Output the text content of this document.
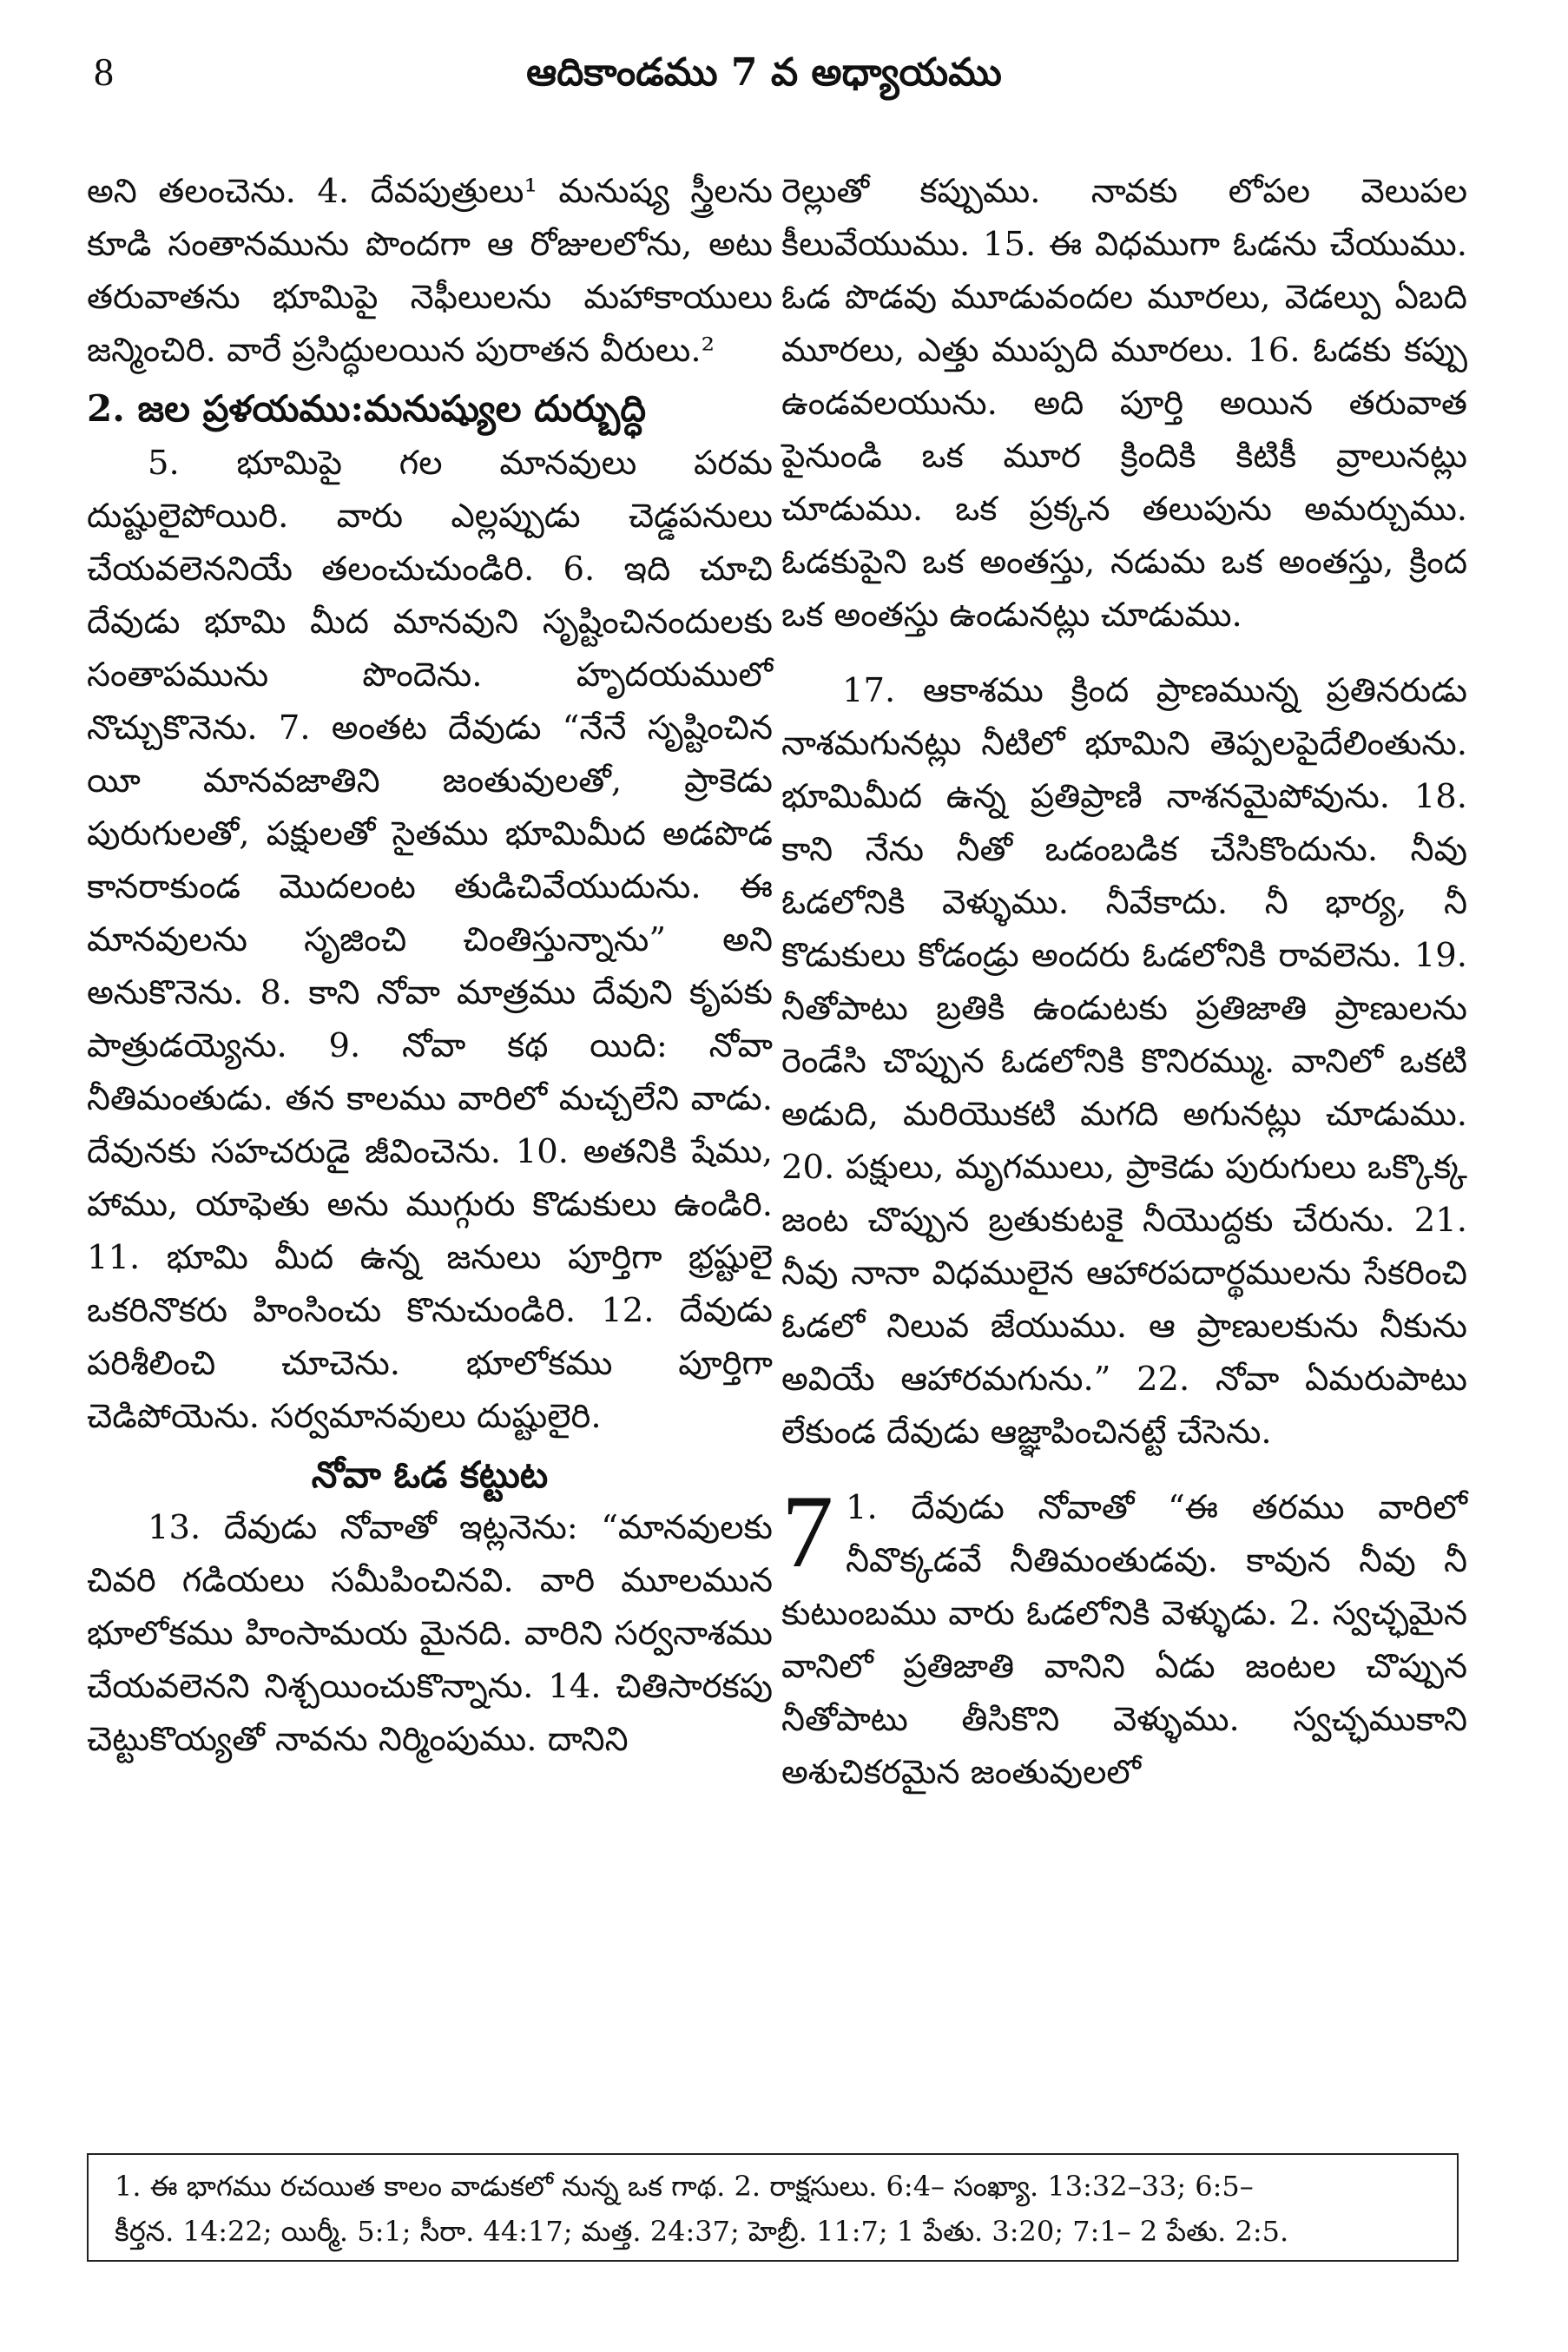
8	ఆదికాండము 7 వ అధ్యాయము

అని తలంచెను. 4. దేవపుత్రులు¹ మనుష్య స్త్రీలను కూడి సంతానమును పొందగా ఆ రోజులలోను, అటు తరువాతను భూమిపై నెఫీలులను మహాకాయులు జన్మించిరి. వారే ప్రసిద్ధులయిన పురాతన వీరులు.²

2. జల ప్రళయము:మనుష్యుల దుర్బుద్ధి

5. భూమిపై గల మానవులు పరమ దుష్టులైపోయిరి. వారు ఎల్లప్పుడు చెడ్డపనులు చేయవలెననియే తలంచుచుండిరి. 6. ఇది చూచి దేవుడు భూమి మీద మానవుని సృష్టించినందులకు సంతాపమును పొందెను. హృదయములో నొచ్చుకొనెను. 7. అంతట దేవుడు “నేనే సృష్టించిన యీ మానవజాతిని జంతువులతో, ప్రాకెడు పురుగులతో, పక్షులతో సైతము భూమిమీద అడపొడ కానరాకుండ మొదలంట తుడిచివేయుదును. ఈ మానవులను సృజించి చింతిస్తున్నాను” అని అనుకొనెను. 8. కాని నోవా మాత్రము దేవుని కృపకు పాత్రుడయ్యెను. 9. నోవా కథ యిది: నోవా నీతిమంతుడు. తన కాలము వారిలో మచ్చలేని వాడు. దేవునకు సహచరుడై జీవించెను. 10. అతనికి షేము, హాము, యాఫెతు అను ముగ్గురు కొడుకులు ఉండిరి. 11. భూమి మీద ఉన్న జనులు పూర్తిగా భ్రష్టులై ఒకరినొకరు హింసించు కొనుచుండిరి. 12. దేవుడు పరిశీలించి చూచెను. భూలోకము పూర్తిగా చెడిపోయెను. సర్వమానవులు దుష్టులైరి.

నోవా ఓడ కట్టుట

13. దేవుడు నోవాతో ఇట్లనెను: “మానవులకు చివరి గడియలు సమీపించినవి. వారి మూలమున భూలోకము హింసామయ మైనది. వారిని సర్వనాశము చేయవలెనని నిశ్చయించుకొన్నాను. 14. చితిసారకపు చెట్టుకొయ్యతో నావను నిర్మింపుము. దానిని

రెల్లుతో కప్పుము. నావకు లోపల వెలుపల కీలువేయుము. 15. ఈ విధముగా ఓడను చేయుము. ఓడ పొడవు మూడువందల మూరలు, వెడల్పు ఏబది మూరలు, ఎత్తు ముప్పది మూరలు. 16. ఓడకు కప్పు ఉండవలయును. అది పూర్తి అయిన తరువాత పైనుండి ఒక మూర క్రిందికి కిటికీ వ్రాలునట్లు చూడుము. ఒక ప్రక్కన తలుపును అమర్చుము. ఓడకుపైని ఒక అంతస్తు, నడుమ ఒక అంతస్తు, క్రింద ఒక అంతస్తు ఉండునట్లు చూడుము.

17. ఆకాశము క్రింద ప్రాణమున్న ప్రతినరుడు నాశమగునట్లు నీటిలో భూమిని తెప్పలపైదేలింతును. భూమిమీద ఉన్న ప్రతిప్రాణి నాశనమైపోవును. 18. కాని నేను నీతో ఒడంబడిక చేసికొందును. నీవు ఓడలోనికి వెళ్ళుము. నీవేకాదు. నీ భార్య, నీ కొడుకులు కోడండ్రు అందరు ఓడలోనికి రావలెను. 19. నీతోపాటు బ్రతికి ఉండుటకు ప్రతిజాతి ప్రాణులను రెండేసి చొప్పున ఓడలోనికి కొనిరమ్ము. వానిలో ఒకటి అడుది, మరియొకటి మగది అగునట్లు చూడుము. 20. పక్షులు, మృగములు, ప్రాకెడు పురుగులు ఒక్కొక్క జంట చొప్పున బ్రతుకుటకై నీయొద్దకు చేరును. 21. నీవు నానా విధములైన ఆహారపదార్థములను సేకరించి ఓడలో నిలువ జేయుము. ఆ ప్రాణులకును నీకును అవియే ఆహారమగును.” 22. నోవా ఏమరుపాటు లేకుండ దేవుడు ఆజ్ఞాపించినట్టే చేసెను.

7 1. దేవుడు నోవాతో “ఈ తరము వారిలో నీవొక్కడవే నీతిమంతుడవు. కావున నీవు నీ కుటుంబము వారు ఓడలోనికి వెళ్ళుడు. 2. స్వచ్ఛమైన వానిలో ప్రతిజాతి వానిని ఏడు జంటల చొప్పున నీతోపాటు తీసికొని వెళ్ళుము. స్వచ్ఛముకాని అశుచికరమైన జంతువులలో

1. ఈ భాగము రచయిత కాలం వాడుకలో నున్న ఒక గాథ. 2. రాక్షసులు. 6:4– సంఖ్యా. 13:32–33; 6:5–

కీర్తన. 14:22; యిర్మీ. 5:1; సీరా. 44:17; మత్త. 24:37; హెబ్రీ. 11:7; 1 పేతు. 3:20; 7:1– 2 పేతు. 2:5.
